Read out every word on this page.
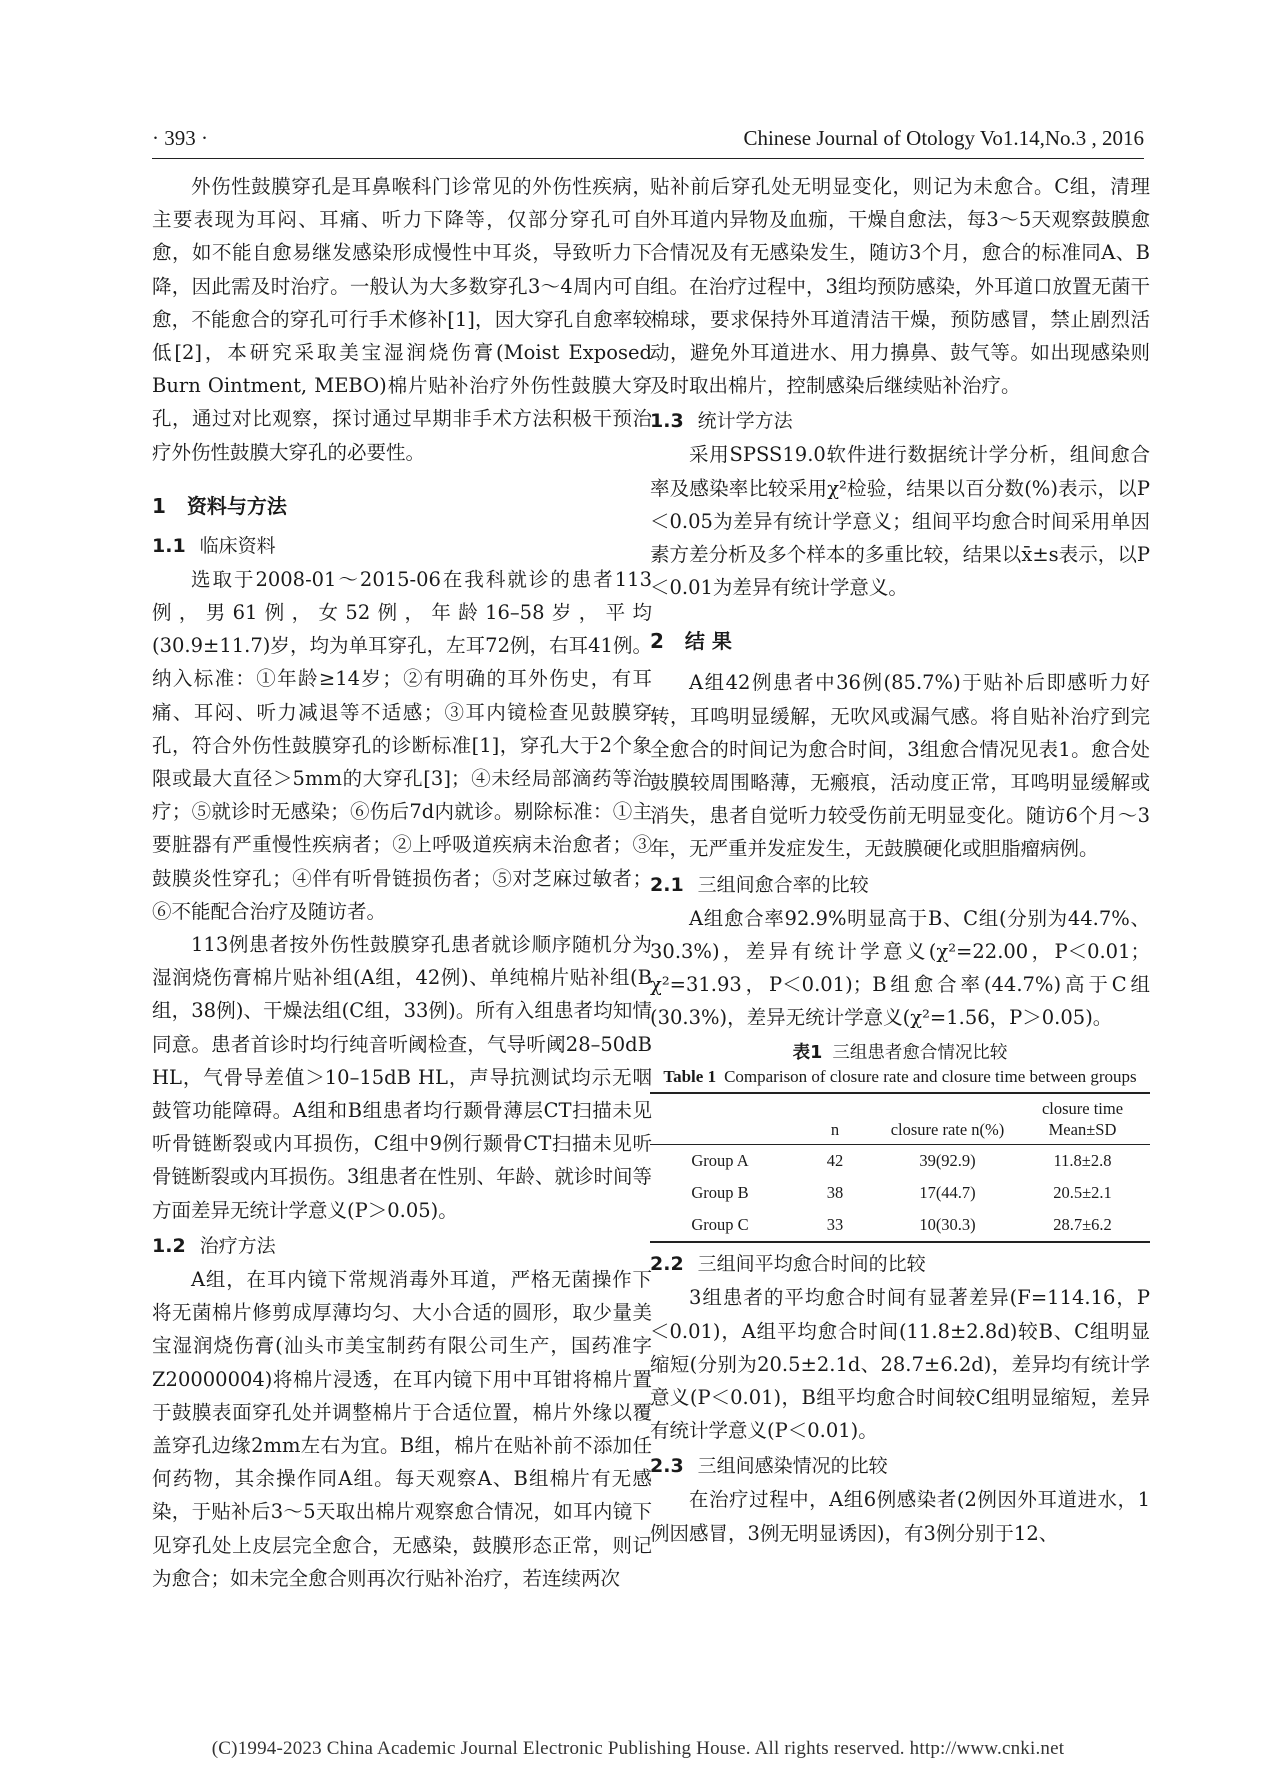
· 393 ·	Chinese Journal of Otology Vo1.14,No.3 , 2016

外伤性鼓膜穿孔是耳鼻喉科门诊常见的外伤性疾病，主要表现为耳闷、耳痛、听力下降等，仅部分穿孔可自愈，如不能自愈易继发感染形成慢性中耳炎，导致听力下降，因此需及时治疗。一般认为大多数穿孔3～4周内可自愈，不能愈合的穿孔可行手术修补[1]，因大穿孔自愈率较低[2]，本研究采取美宝湿润烧伤膏(Moist Exposed Burn Ointment, MEBO)棉片贴补治疗外伤性鼓膜大穿孔，通过对比观察，探讨通过早期非手术方法积极干预治疗外伤性鼓膜大穿孔的必要性。

1 资料与方法
1.1 临床资料

选取于2008-01～2015-06在我科就诊的患者113例，男61例，女52例，年龄16–58岁，平均(30.9±11.7)岁，均为单耳穿孔，左耳72例，右耳41例。纳入标准：①年龄≥14岁；②有明确的耳外伤史，有耳痛、耳闷、听力减退等不适感；③耳内镜检查见鼓膜穿孔，符合外伤性鼓膜穿孔的诊断标准[1]，穿孔大于2个象限或最大直径＞5mm的大穿孔[3]；④未经局部滴药等治疗；⑤就诊时无感染；⑥伤后7d内就诊。剔除标准：①主要脏器有严重慢性疾病者；②上呼吸道疾病未治愈者；③鼓膜炎性穿孔；④伴有听骨链损伤者；⑤对芝麻过敏者；⑥不能配合治疗及随访者。

113例患者按外伤性鼓膜穿孔患者就诊顺序随机分为湿润烧伤膏棉片贴补组(A组，42例)、单纯棉片贴补组(B组，38例)、干燥法组(C组，33例)。所有入组患者均知情同意。患者首诊时均行纯音听阈检查，气导听阈28–50dB HL，气骨导差值＞10–15dB HL，声导抗测试均示无咽鼓管功能障碍。A组和B组患者均行颞骨薄层CT扫描未见听骨链断裂或内耳损伤，C组中9例行颞骨CT扫描未见听骨链断裂或内耳损伤。3组患者在性别、年龄、就诊时间等方面差异无统计学意义(P＞0.05)。

1.2 治疗方法

A组，在耳内镜下常规消毒外耳道，严格无菌操作下将无菌棉片修剪成厚薄均匀、大小合适的圆形，取少量美宝湿润烧伤膏(汕头市美宝制药有限公司生产，国药准字Z20000004)将棉片浸透，在耳内镜下用中耳钳将棉片置于鼓膜表面穿孔处并调整棉片于合适位置，棉片外缘以覆盖穿孔边缘2mm左右为宜。B组，棉片在贴补前不添加任何药物，其余操作同A组。每天观察A、B组棉片有无感染，于贴补后3～5天取出棉片观察愈合情况，如耳内镜下见穿孔处上皮层完全愈合，无感染，鼓膜形态正常，则记为愈合；如未完全愈合则再次行贴补治疗，若连续两次

贴补前后穿孔处无明显变化，则记为未愈合。C组，清理外耳道内异物及血痂，干燥自愈法，每3～5天观察鼓膜愈合情况及有无感染发生，随访3个月，愈合的标准同A、B组。在治疗过程中，3组均预防感染，外耳道口放置无菌干棉球，要求保持外耳道清洁干燥，预防感冒，禁止剧烈活动，避免外耳道进水、用力擤鼻、鼓气等。如出现感染则及时取出棉片，控制感染后继续贴补治疗。

1.3 统计学方法

采用SPSS19.0软件进行数据统计学分析，组间愈合率及感染率比较采用χ²检验，结果以百分数(%)表示，以P＜0.05为差异有统计学意义；组间平均愈合时间采用单因素方差分析及多个样本的多重比较，结果以x̄±s表示，以P＜0.01为差异有统计学意义。

2 结 果

A组42例患者中36例(85.7%)于贴补后即感听力好转，耳鸣明显缓解，无吹风或漏气感。将自贴补治疗到完全愈合的时间记为愈合时间，3组愈合情况见表1。愈合处鼓膜较周围略薄，无瘢痕，活动度正常，耳鸣明显缓解或消失，患者自觉听力较受伤前无明显变化。随访6个月～3年，无严重并发症发生，无鼓膜硬化或胆脂瘤病例。

2.1 三组间愈合率的比较

A组愈合率92.9%明显高于B、C组(分别为44.7%、30.3%)，差异有统计学意义(χ²=22.00，P＜0.01；χ²=31.93，P＜0.01)；B组愈合率(44.7%)高于C组(30.3%)，差异无统计学意义(χ²=1.56，P＞0.05)。

表1 三组患者愈合情况比较
Table 1 Comparison of closure rate and closure time between groups
	n	closure rate n(%)	closure time Mean±SD
Group A	42	39(92.9)	11.8±2.8
Group B	38	17(44.7)	20.5±2.1
Group C	33	10(30.3)	28.7±6.2
2.2 三组间平均愈合时间的比较

3组患者的平均愈合时间有显著差异(F=114.16，P＜0.01)，A组平均愈合时间(11.8±2.8d)较B、C组明显缩短(分别为20.5±2.1d、28.7±6.2d)，差异均有统计学意义(P＜0.01)，B组平均愈合时间较C组明显缩短，差异有统计学意义(P＜0.01)。

2.3 三组间感染情况的比较

在治疗过程中，A组6例感染者(2例因外耳道进水，1例因感冒，3例无明显诱因)，有3例分别于12、

(C)1994-2023 China Academic Journal Electronic Publishing House. All rights reserved. http://www.cnki.net
